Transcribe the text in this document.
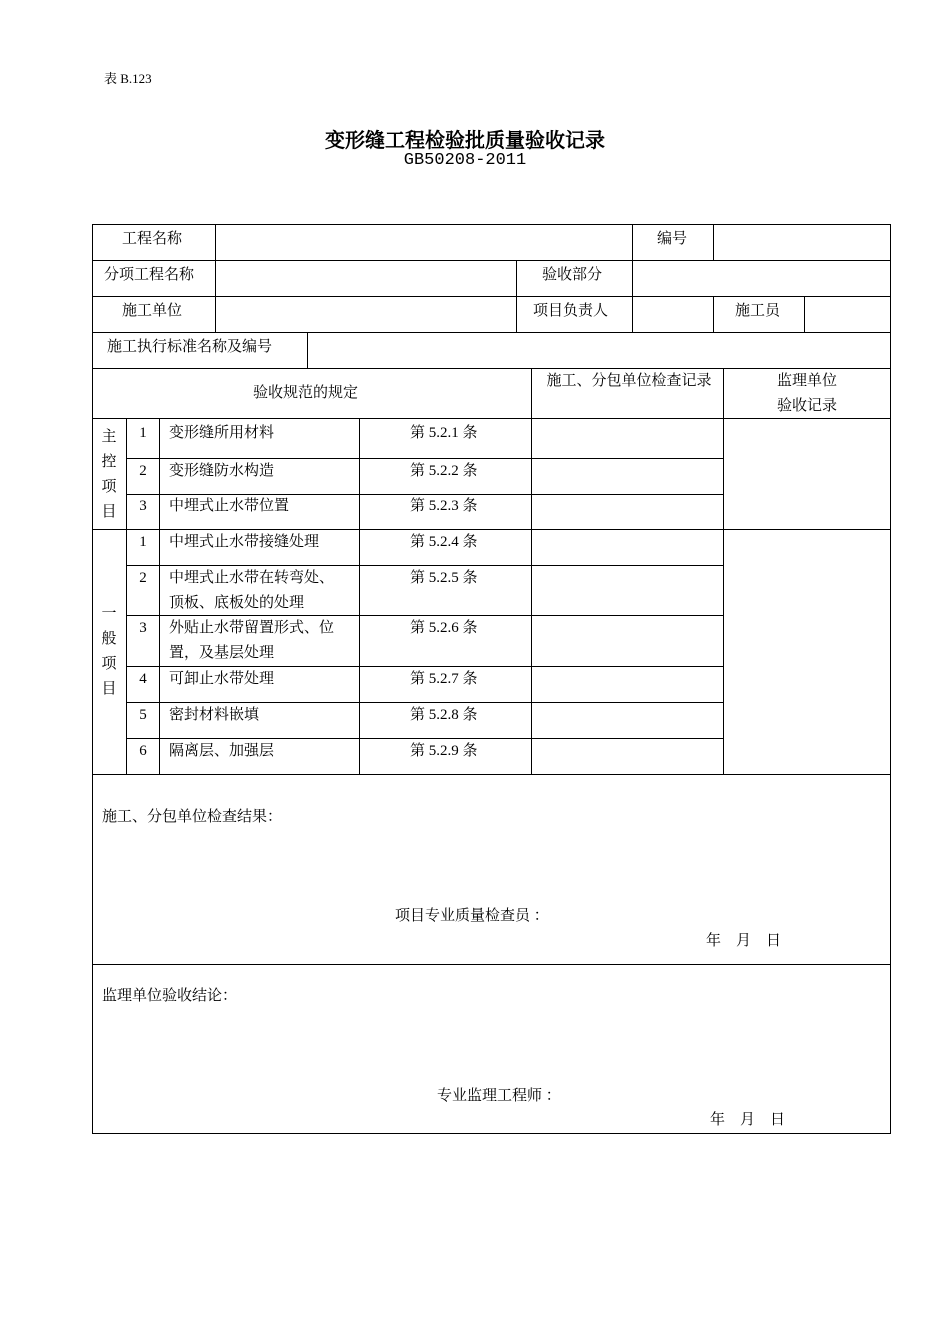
表 B.123
变形缝工程检验批质量验收记录
GB50208-2011
工程名称	编号
分项工程名称	验收部分
施工单位	项目负责人	施工员
施工执行标准名称及编号
验收规范的规定
施工、分包单位检查记录	监理单位
验收记录
主
控
项
目
1	变形缝所用材料	第 5.2.1 条
2	变形缝防水构造	第 5.2.2 条
3	中埋式止水带位置	第 5.2.3 条
一
般
项
目
1	中埋式止水带接缝处理	第 5.2.4 条
2	中埋式止水带在转弯处、
顶板、底板处的处理
第 5.2.5 条
3	外贴止水带留置形式、位
置，及基层处理
第 5.2.6 条
4	可卸止水带处理	第 5.2.7 条
5	密封材料嵌填	第 5.2.8 条
6	隔离层、加强层	第 5.2.9 条
施工、分包单位检查结果：
项目专业质量检查员 ：
年　月　日
监理单位验收结论：
专业监理工程师 ：
年　月　日
